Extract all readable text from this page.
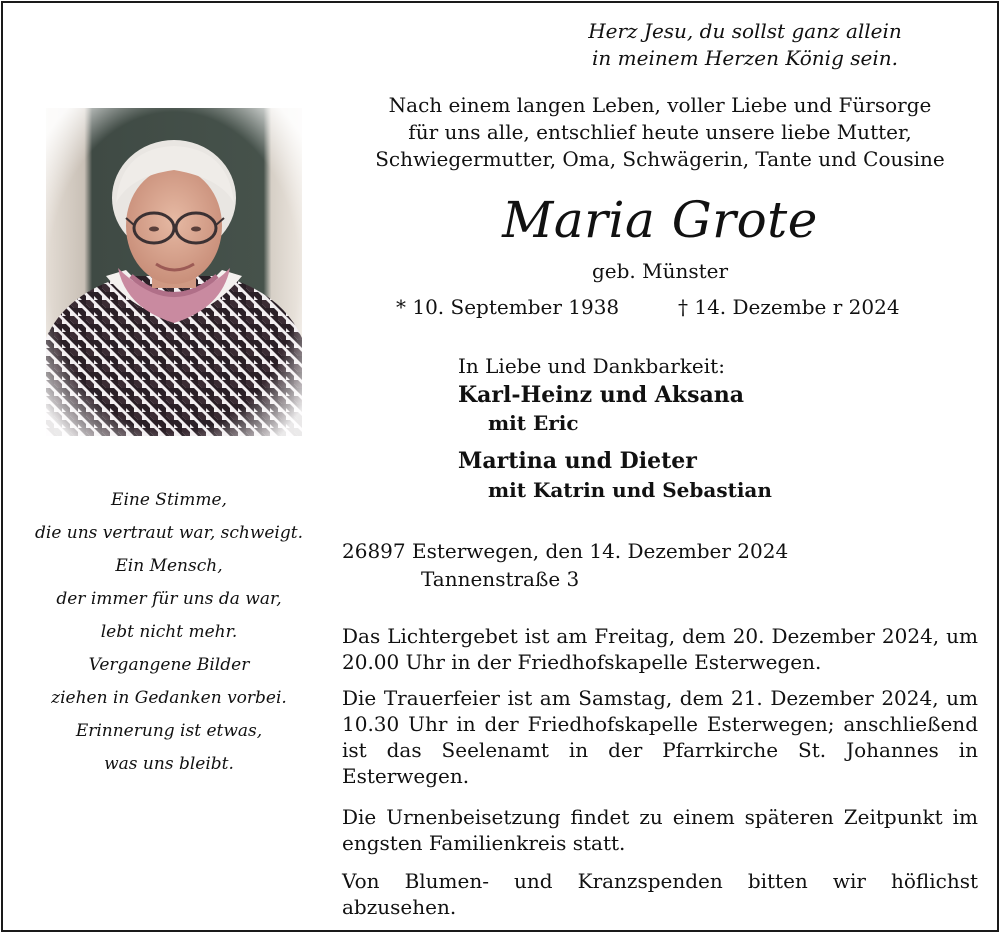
Herz Jesu, du sollst ganz allein
in meinem Herzen König sein.
Nach einem langen Leben, voller Liebe und Fürsorge
für uns alle, entschlief heute unsere liebe Mutter,
Schwiegermutter, Oma, Schwägerin, Tante und Cousine
Maria Grote
geb. Münster
* 10. September 1938	† 14. Dezembe r 2024
In Liebe und Dankbarkeit:
Karl-Heinz und Aksana
mit Eric
Martina und Dieter
mit Katrin und Sebastian
26897 Esterwegen, den 14. Dezember 2024
Tannenstraße 3
Das Lichtergebet ist am Freitag, dem 20. Dezember 2024, um 20.00 Uhr in der Friedhofskapelle Esterwegen.
Die Trauerfeier ist am Samstag, dem 21. Dezember 2024, um 10.30 Uhr in der Friedhofskapelle Esterwegen; anschließend ist das Seelenamt in der Pfarrkirche St. Johannes in Esterwegen.
Die Urnenbeisetzung findet zu einem späteren Zeitpunkt im engsten Familienkreis statt.
Von Blumen- und Kranzspenden bitten wir höflichst abzusehen.
Eine Stimme,
die uns vertraut war, schweigt.
Ein Mensch,
der immer für uns da war,
lebt nicht mehr.
Vergangene Bilder
ziehen in Gedanken vorbei.
Erinnerung ist etwas,
was uns bleibt.
